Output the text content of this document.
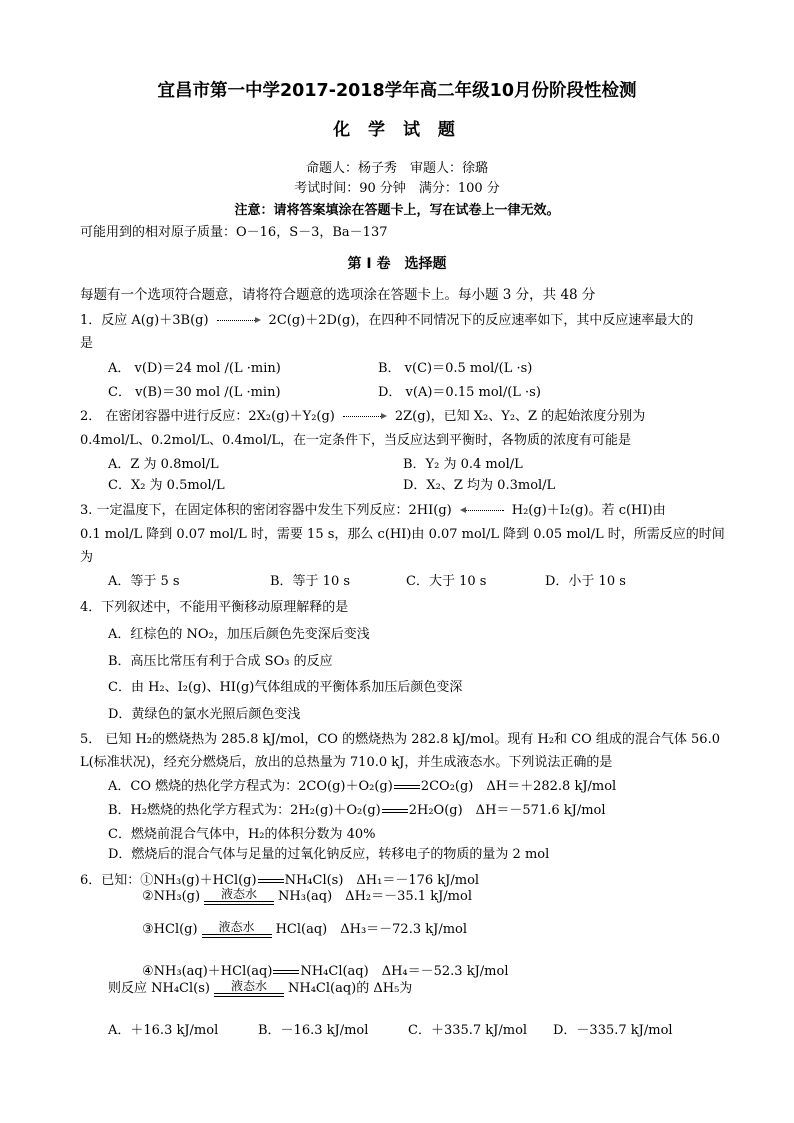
宜昌市第一中学2017-2018学年高二年级10月份阶段性检测
化 学 试 题
命题人：杨子秀　审题人：徐璐
考试时间：90 分钟　满分：100 分
注意：请将答案填涂在答题卡上，写在试卷上一律无效。
可能用到的相对原子质量：O－16，S－3，Ba－137
第 I 卷　选择题
每题有一个选项符合题意，请将符合题意的选项涂在答题卡上。每小题 3 分，共 48 分
1．反应 A(g)＋3B(g)	2C(g)＋2D(g)，在四种不同情况下的反应速率如下，其中反应速率最大的
是
A． v(D)＝24 mol /(L ·min)	B． v(C)＝0.5 mol/(L ·s)
C． v(B)＝30 mol /(L ·min)	D． v(A)＝0.15 mol/(L ·s)
2． 在密闭容器中进行反应：2X₂(g)＋Y₂(g)	2Z(g)，已知 X₂、Y₂、Z 的起始浓度分别为
0.4mol/L、0.2mol/L、0.4mol/L，在一定条件下，当反应达到平衡时，各物质的浓度有可能是
A．Z 为 0.8mol/L	B．Y₂ 为 0.4 mol/L
C．X₂ 为 0.5mol/L	D．X₂、Z 均为 0.3mol/L
3. 一定温度下，在固定体积的密闭容器中发生下列反应：2HI(g)	H₂(g)＋I₂(g)。若 c(HI)由
0.1 mol/L 降到 0.07 mol/L 时，需要 15 s，那么 c(HI)由 0.07 mol/L 降到 0.05 mol/L 时，所需反应的时间
为
A．等于 5 s	B．等于 10 s	C．大于 10 s	D．小于 10 s
4．下列叙述中，不能用平衡移动原理解释的是
A．红棕色的 NO₂，加压后颜色先变深后变浅
B．高压比常压有利于合成 SO₃ 的反应
C．由 H₂、I₂(g)、HI(g)气体组成的平衡体系加压后颜色变深
D．黄绿色的氯水光照后颜色变浅
5． 已知 H₂的燃烧热为 285.8 kJ/mol，CO 的燃烧热为 282.8 kJ/mol。现有 H₂和 CO 组成的混合气体 56.0
L(标准状况)，经充分燃烧后，放出的总热量为 710.0 kJ，并生成液态水。下列说法正确的是
A．CO 燃烧的热化学方程式为：2CO(g)＋O₂(g) 2CO₂(g)　ΔH＝＋282.8 kJ/mol
B．H₂燃烧的热化学方程式为：2H₂(g)＋O₂(g) 2H₂O(g)　ΔH＝－571.6 kJ/mol
C．燃烧前混合气体中，H₂的体积分数为 40%
D．燃烧后的混合气体与足量的过氧化钠反应，转移电子的物质的量为 2 mol
6．已知：①NH₃(g)＋HCl(g) NH₄Cl(s)　ΔH₁＝－176 kJ/mol
②NH₃(g)	液态水	NH₃(aq)　ΔH₂＝－35.1 kJ/mol
③HCl(g)	液态水	HCl(aq)　ΔH₃＝－72.3 kJ/mol
④NH₃(aq)＋HCl(aq) NH₄Cl(aq)　ΔH₄＝－52.3 kJ/mol
则反应 NH₄Cl(s)	液态水	NH₄Cl(aq)的 ΔH₅为
A．＋16.3 kJ/mol	B．－16.3 kJ/mol	C．＋335.7 kJ/mol D．－335.7 kJ/mol
